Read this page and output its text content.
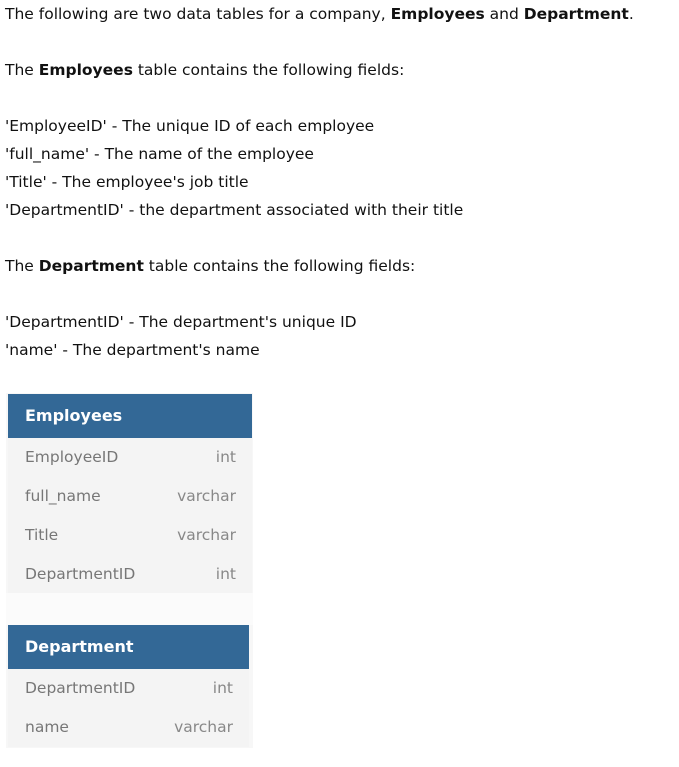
The following are two data tables for a company, Employees and Department.

The Employees table contains the following fields:

'EmployeeID' - The unique ID of each employee

'full_name' - The name of the employee

'Title' - The employee's job title

'DepartmentID' - the department associated with their title

The Department table contains the following fields:

'DepartmentID' - The department's unique ID

'name' - The department's name

Employees
EmployeeID	int
full_name	varchar
Title	varchar
DepartmentID	int
Department
DepartmentID	int
name	varchar
